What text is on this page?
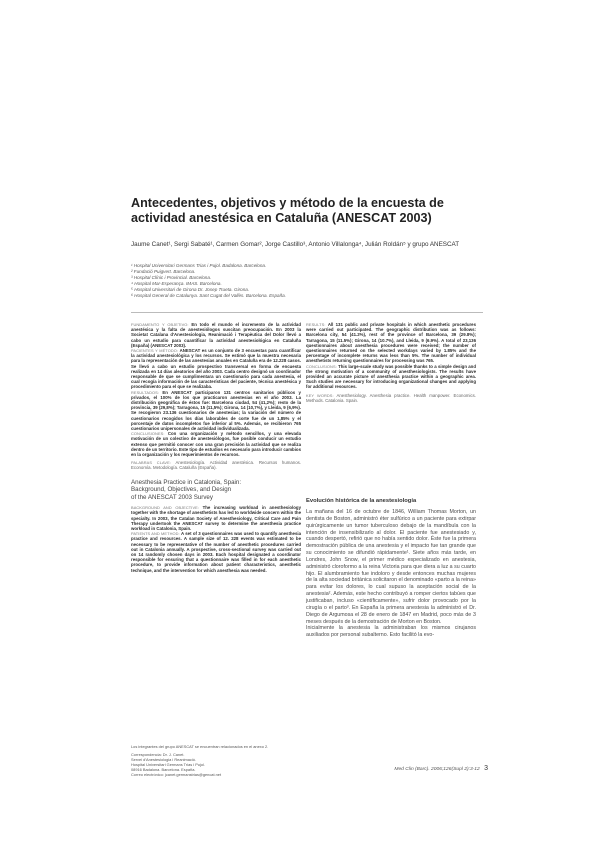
Antecedentes, objetivos y método de la encuesta de actividad anestésica en Cataluña (ANESCAT 2003)

Jaume Canet¹, Sergi Sabaté¹, Carmen Gomar², Jorge Castillo³, Antonio Villalonga⁴, Julián Roldán⁵ y grupo ANESCAT

¹ Hospital Universitari Germans Trias i Pujol. Badalona. Barcelona.
² Fundació Puigvert. Barcelona.
³ Hospital Clínic i Provincial. Barcelona.
⁴ Hospital Mar-Esperança. IMAS. Barcelona.
⁵ Hospital Universitari de Girona Dr. Josep Trueta. Girona.
⁶ Hospital General de Catalunya. Sant Cugat del Vallès. Barcelona. España.

FUNDAMENTO Y OBJETIVO: En todo el mundo el incremento de la actividad anestésica y la falta de anestesiólogos suscitan preocupación. En 2003 la Societat Catalana d'Anestesiologia, Reanimació i Terapèutica del Dolor llevó a cabo un estudio para cuantificar la actividad anestesiológica en Cataluña (España) (ANESCAT 2003).
PACIENTES Y MÉTODO: ANESCAT es un conjunto de 3 encuestas para cuantificar la actividad anestesiológica y los recursos. Se estimó que la muestra necesaria para la representación de las anestesias anuales en Cataluña era de 12.228 casos. Se llevó a cabo un estudio prospectivo transversal en forma de encuesta realizada en 14 días aleatorios del año 2003. Cada centro designó un coordinador responsable de que se cumplimentara un cuestionario para cada anestesia, el cual recogía información de las características del paciente, técnica anestésica y procedimiento para el que se realizaba.
RESULTADOS: En ANESCAT participaron 131 centros sanitarios públicos y privados, el 100% de los que practicaron anestesias en el año 2003. La distribución geográfica de éstos fue: Barcelona ciudad, 54 (41,2%); resto de la provincia, 39 (29,8%); Tarragona, 15 (11,5%); Girona, 14 (10,7%), y Lleida, 9 (6,9%). Se recogieron 23.136 cuestionarios de anestesias; la variación del número de cuestionarios recogidos los días laborables de corte fue de un 1,85% y el porcentaje de datos incompletos fue inferior al 5%. Además, se recibieron 765 cuestionarios unipersonales de actividad individualizada.
CONCLUSIONES: Con una organización y método sencillos, y una elevada motivación de un colectivo de anestesiólogos, fue posible conducir un estudio extenso que permitió conocer con una gran precisión la actividad que se realiza dentro de un territorio. Este tipo de estudios es necesario para introducir cambios en la organización y los requerimientos de recursos.

PALABRAS CLAVE: Anestesiología. Actividad anestésica. Recursos humanos. Economía. Metodología. Cataluña (España).

Anesthesia Practice in Catalonia, Spain:
Background, Objectives, and Design
of the ANESCAT 2003 Survey

BACKGROUND AND OBJECTIVE: The increasing workload in anesthesiology together with the shortage of anesthetists has led to worldwide concern within the specialty. In 2003, the Catalan Society of Anesthesiology, Critical Care and Pain Therapy undertook the ANESCAT survey to determine the anesthesia practice workload in Catalonia, Spain.
PATIENTS AND METHOD: A set of 3 questionnaires was used to quantify anesthesia practice and resources. A sample size of 12. 228 events was estimated to be necessary to be representative of the number of anesthetic procedures carried out in Catalonia annually. A prospective, cross-sectional survey was carried out on 14 randomly chosen days in 2003. Each hospital designated a coordinator responsible for ensuring that a questionnaire was filled in for each anesthetic procedure, to provide information about patient characteristics, anesthetic technique, and the intervention for which anesthesia was needed.

Los integrantes del grupo ANESCAT se encuentran relacionados en el anexo 2.

Correspondencia: Dr. J. Canet.

Servei d'Anestesiologia i Reanimació.

Hospital Universitari Germans Trias i Pujol.

08916 Badalona. Barcelona. España.

Correo electrónico: jcanet.germanstrias@gencat.net

RESULTS: All 131 public and private hospitals in which anesthetic procedures were carried out participated. The geographic distribution was as follows: Barcelona city, 54 (41.2%), rest of the province of Barcelona, 39 (29.8%); Tarragona, 15 (11.5%); Girona, 14 (10.7%), and Lleida, 9 (6.9%). A total of 23,136 questionnaires about anesthesia procedures were received; the number of questionnaires returned on the selected workdays varied by 1.85% and the percentage of incomplete returns was less than 5%. The number of individual anesthetists returning questionnaires for processing was 765.
CONCLUSIONS: This large-scale study was possible thanks to a simple design and the strong motivation of a community of anesthesiologists. The results have provided an accurate picture of anesthesia practice within a geographic area. Such studies are necessary for introducing organizational changes and applying for additional resources.

KEY WORDS: Anesthesiology. Anesthesia practice. Health manpower. Economics. Methods. Catalonia. Spain.

Evolución histórica de la anestesiología

La mañana del 16 de octubre de 1846, William Thomas Morton, un dentista de Boston, administró éter sulfúrico a un paciente para extirpar quirúrgicamente un tumor tuberculoso debajo de la mandíbula con la intención de insensibilizarlo al dolor. El paciente fue anestesiado y, cuando despertó, refirió que no había sentido dolor. Éste fue la primera demostración pública de una anestesia y el impacto fue tan grande que su conocimiento se difundió rápidamente¹. Siete años más tarde, en Londres, John Snow, el primer médico especializado en anestesia, administró cloroformo a la reina Victoria para que diera a luz a su cuarto hijo. El alumbramiento fue indoloro y desde entonces muchas mujeres de la alta sociedad británica solicitaron el denominado «parto a la reina» para evitar los dolores, lo cual supuso la aceptación social de la anestesia². Además, este hecho contribuyó a romper ciertos tabúes que justificaban, incluso «científicamente», sufrir dolor provocado por la cirugía o el parto³. En España la primera anestesia la administró el Dr. Diego de Argumosa el 28 de enero de 1847 en Madrid, poco más de 3 meses después de la demostración de Morton en Boston.

Inicialmente la anestesia la administraban los mismos cirujanos auxiliados por personal subalterno. Esto facilitó la evo-

Med Clin (Barc). 2006;126(Supl 2):3-12 3
